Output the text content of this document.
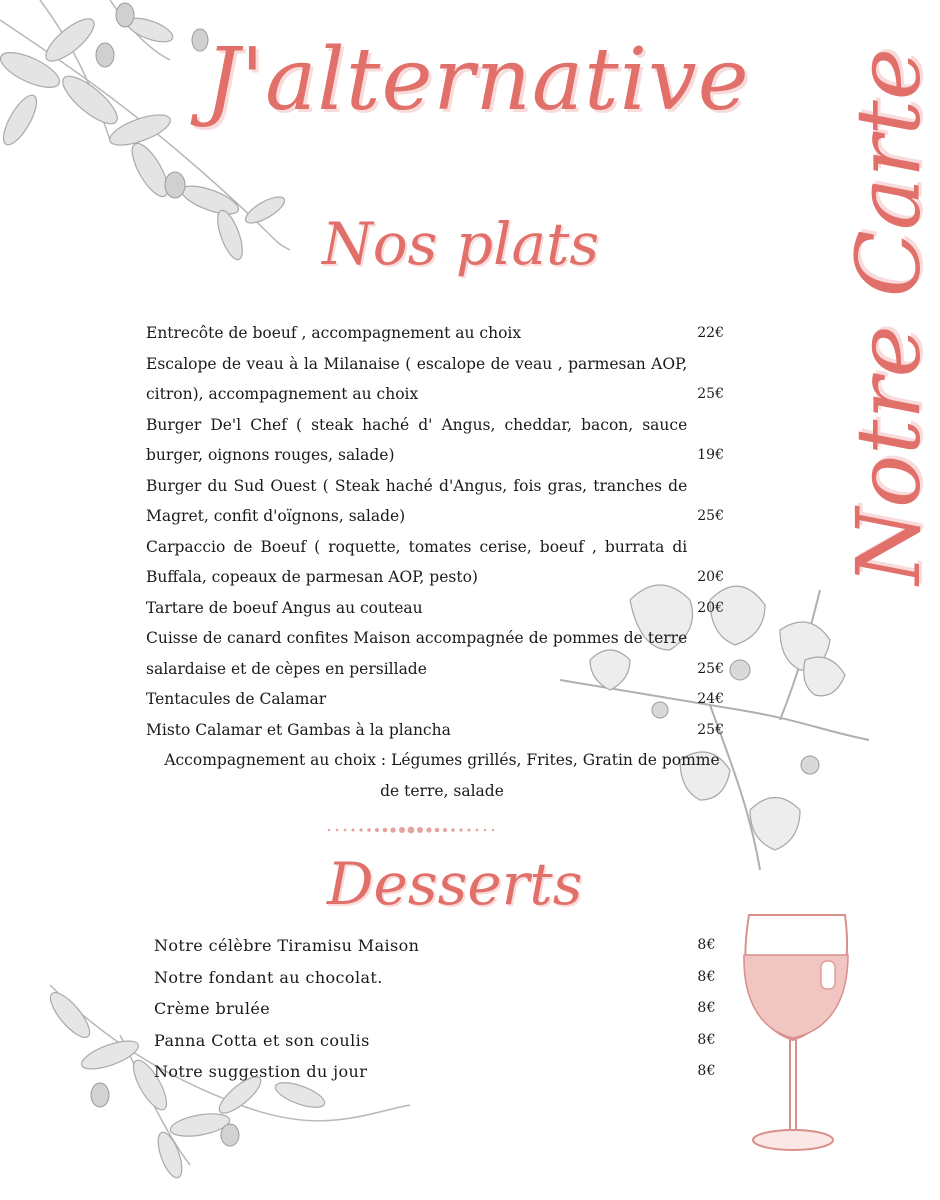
J'alternative Notre Carte
Nos plats
Entrecôte de boeuf , accompagnement au choix	22€
Escalope de veau à la Milanaise ( escalope de veau , parmesan AOP, citron), accompagnement au choix	25€
Burger De'l Chef ( steak haché d' Angus, cheddar, bacon, sauce burger, oignons rouges, salade)	19€
Burger du Sud Ouest ( Steak haché d'Angus, fois gras, tranches de Magret, confit d'oïgnons, salade)	25€
Carpaccio de Boeuf ( roquette, tomates cerise, boeuf , burrata di Buffala, copeaux de parmesan AOP, pesto)	20€
Tartare de boeuf Angus au couteau	20€
Cuisse de canard confites Maison accompagnée de pommes de terre salardaise et de cèpes en persillade	25€
Tentacules de Calamar	24€
Misto Calamar et Gambas à la plancha	25€
Accompagnement au choix : Légumes grillés, Frites, Gratin de pomme de terre, salade
Desserts
Notre célèbre Tiramisu Maison	8€
Notre fondant au chocolat.	8€
Crème brulée	8€
Panna Cotta et son coulis	8€
Notre suggestion du jour	8€
